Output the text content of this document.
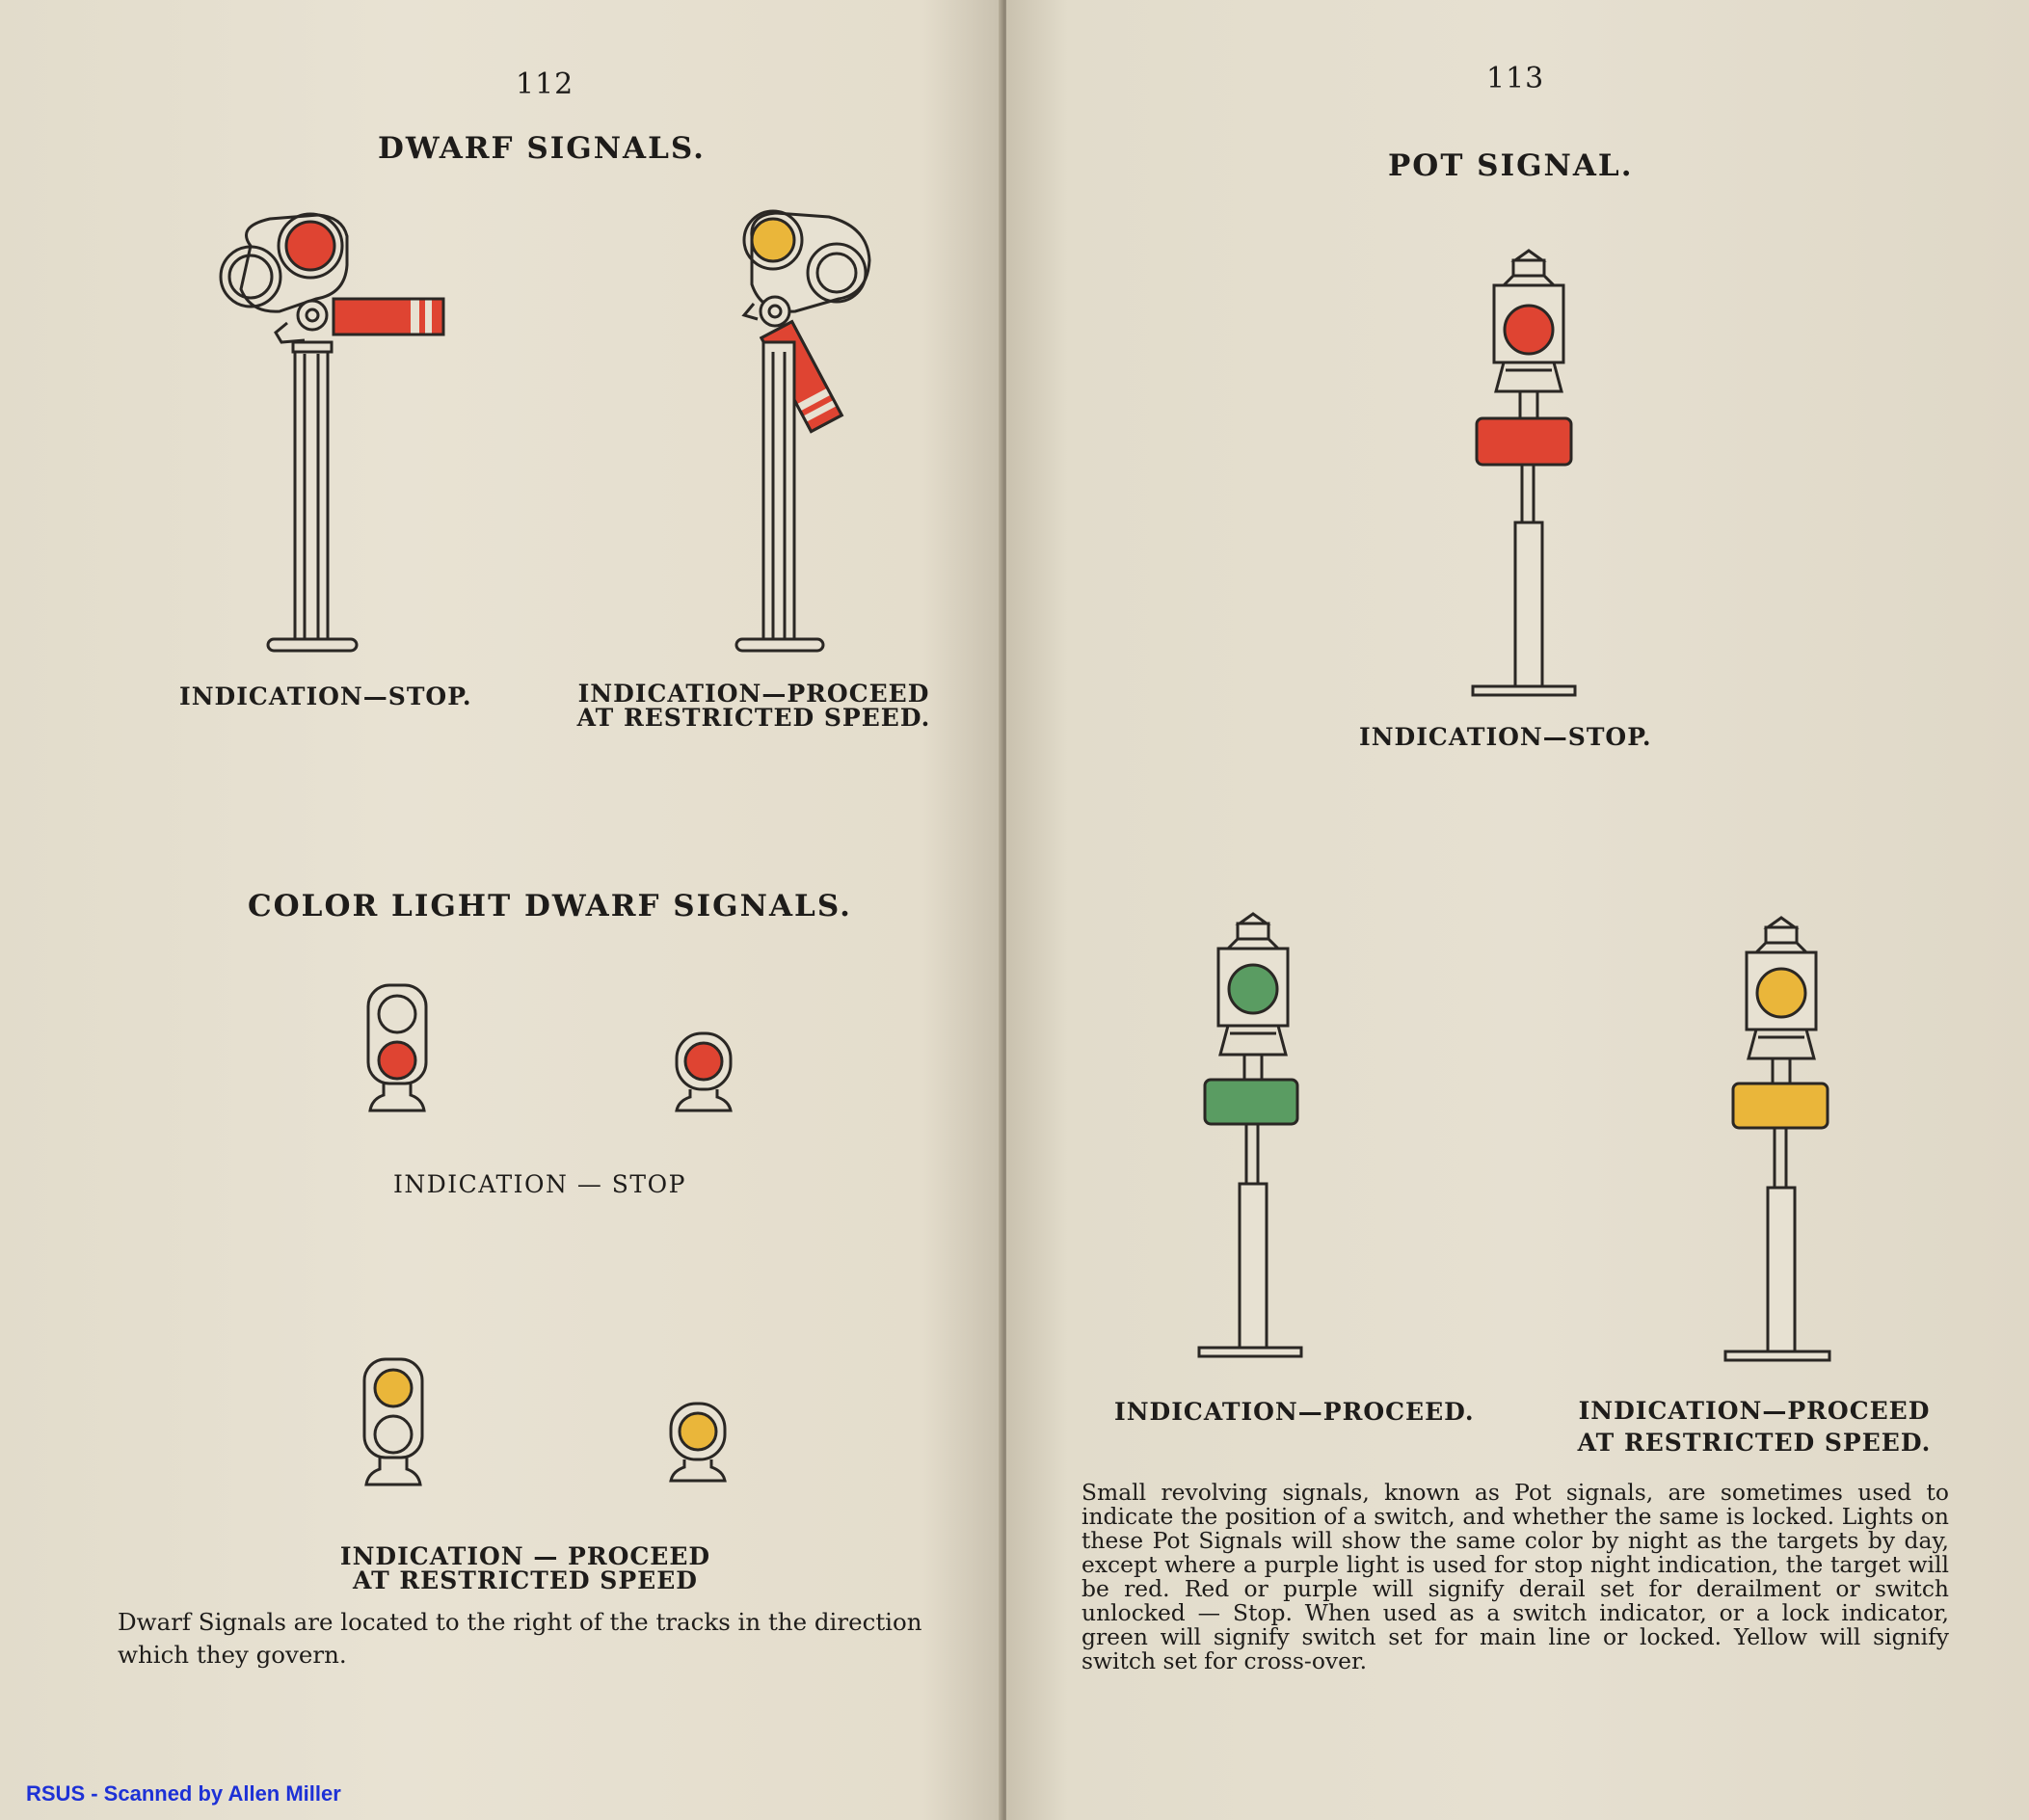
112

DWARF SIGNALS.

INDICATION—STOP.	INDICATION—PROCEED

AT RESTRICTED SPEED.

COLOR LIGHT DWARF SIGNALS.

INDICATION — STOP

INDICATION — PROCEED

AT RESTRICTED SPEED

Dwarf Signals are located to the right of the tracks in the direction which they govern.

113

POT SIGNAL.

INDICATION—STOP.

INDICATION—PROCEED.	INDICATION—PROCEED

AT RESTRICTED SPEED.

Small revolving signals, known as Pot signals, are sometimes used to indicate the position of a switch, and whether the same is locked. Lights on these Pot Signals will show the same color by night as the targets by day, except where a purple light is used for stop night indication, the target will be red. Red or purple will signify derail set for derailment or switch unlocked — Stop. When used as a switch indicator, or a lock indicator, green will signify switch set for main line or locked. Yellow will signify switch set for cross-over.

RSUS - Scanned by Allen Miller
